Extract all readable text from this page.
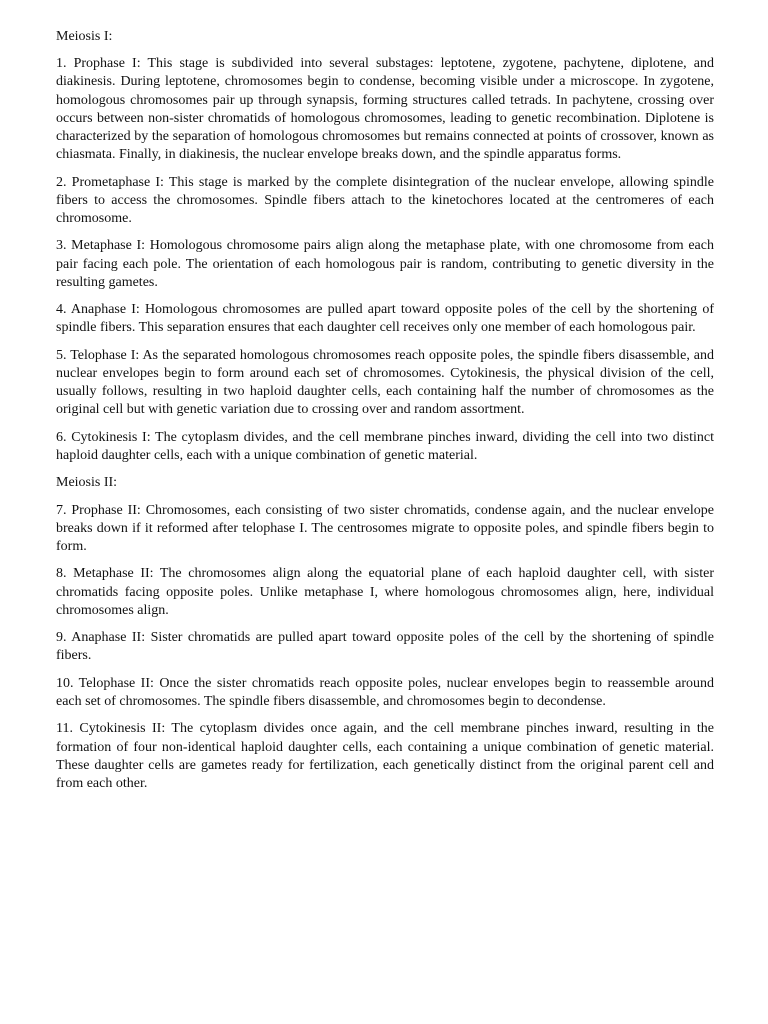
Meiosis I:

1. Prophase I: This stage is subdivided into several substages: leptotene, zygotene, pachytene, diplotene, and diakinesis. During leptotene, chromosomes begin to condense, becoming visible under a microscope. In zygotene, homologous chromosomes pair up through synapsis, forming structures called tetrads. In pachytene, crossing over occurs between non-sister chromatids of homologous chromosomes, leading to genetic recombination. Diplotene is characterized by the separation of homologous chromosomes but remains connected at points of crossover, known as chiasmata. Finally, in diakinesis, the nuclear envelope breaks down, and the spindle apparatus forms.

2. Prometaphase I: This stage is marked by the complete disintegration of the nuclear envelope, allowing spindle fibers to access the chromosomes. Spindle fibers attach to the kinetochores located at the centromeres of each chromosome.

3. Metaphase I: Homologous chromosome pairs align along the metaphase plate, with one chromosome from each pair facing each pole. The orientation of each homologous pair is random, contributing to genetic diversity in the resulting gametes.

4. Anaphase I: Homologous chromosomes are pulled apart toward opposite poles of the cell by the shortening of spindle fibers. This separation ensures that each daughter cell receives only one member of each homologous pair.

5. Telophase I: As the separated homologous chromosomes reach opposite poles, the spindle fibers disassemble, and nuclear envelopes begin to form around each set of chromosomes. Cytokinesis, the physical division of the cell, usually follows, resulting in two haploid daughter cells, each containing half the number of chromosomes as the original cell but with genetic variation due to crossing over and random assortment.

6. Cytokinesis I: The cytoplasm divides, and the cell membrane pinches inward, dividing the cell into two distinct haploid daughter cells, each with a unique combination of genetic material.

Meiosis II:

7. Prophase II: Chromosomes, each consisting of two sister chromatids, condense again, and the nuclear envelope breaks down if it reformed after telophase I. The centrosomes migrate to opposite poles, and spindle fibers begin to form.

8. Metaphase II: The chromosomes align along the equatorial plane of each haploid daughter cell, with sister chromatids facing opposite poles. Unlike metaphase I, where homologous chromosomes align, here, individual chromosomes align.

9. Anaphase II: Sister chromatids are pulled apart toward opposite poles of the cell by the shortening of spindle fibers.

10. Telophase II: Once the sister chromatids reach opposite poles, nuclear envelopes begin to reassemble around each set of chromosomes. The spindle fibers disassemble, and chromosomes begin to decondense.

11. Cytokinesis II: The cytoplasm divides once again, and the cell membrane pinches inward, resulting in the formation of four non-identical haploid daughter cells, each containing a unique combination of genetic material. These daughter cells are gametes ready for fertilization, each genetically distinct from the original parent cell and from each other.
